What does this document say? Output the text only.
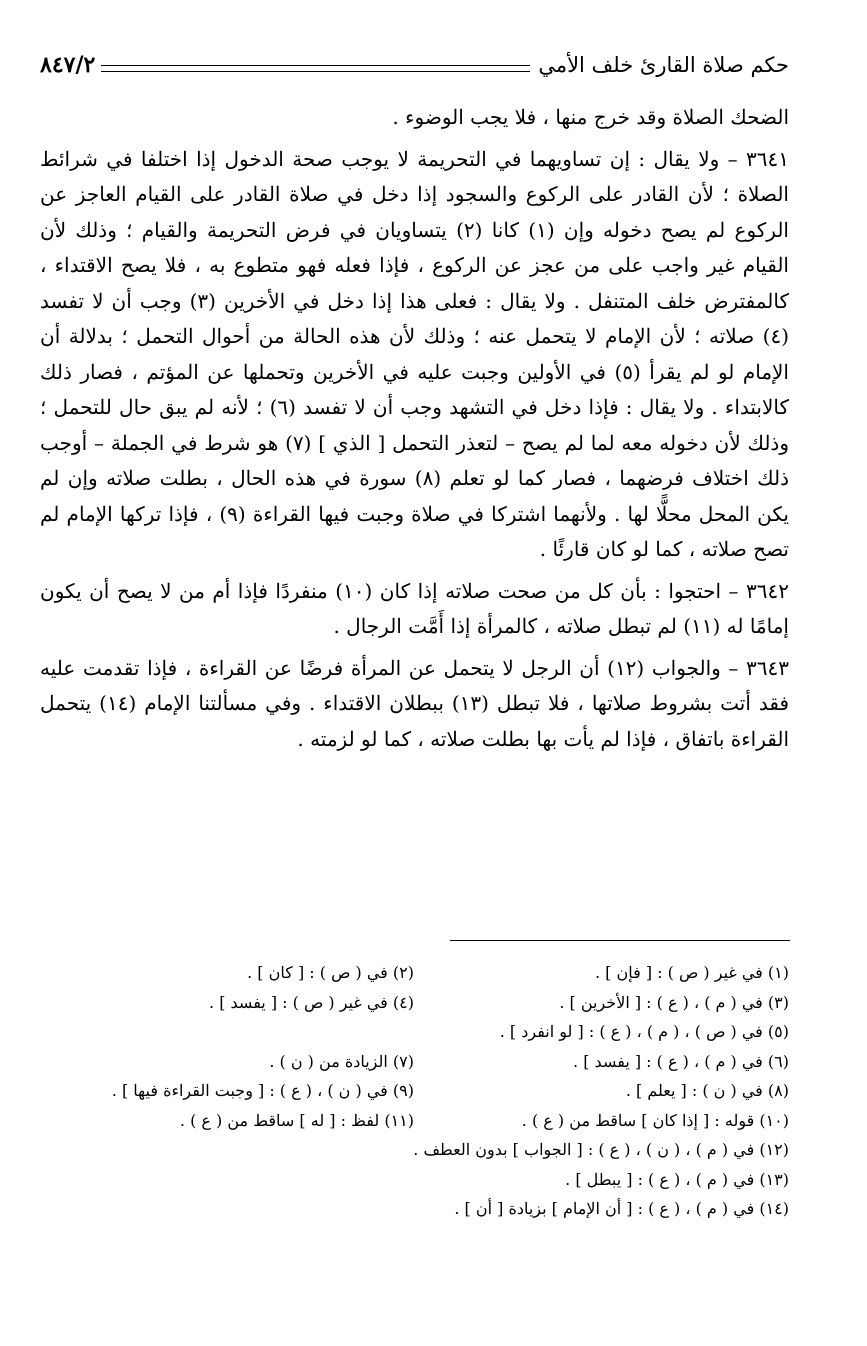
حكم صلاة القارئ خلف الأمي
٨٤٧/٢

الضحك الصلاة وقد خرج منها ، فلا يجب الوضوء .

٣٦٤١ – ولا يقال : إن تساويهما في التحريمة لا يوجب صحة الدخول إذا اختلفا في شرائط الصلاة ؛ لأن القادر على الركوع والسجود إذا دخل في صلاة القادر على القيام العاجز عن الركوع لم يصح دخوله وإن (١) كانا (٢) يتساويان في فرض التحريمة والقيام ؛ وذلك لأن القيام غير واجب على من عجز عن الركوع ، فإذا فعله فهو متطوع به ، فلا يصح الاقتداء ، كالمفترض خلف المتنفل . ولا يقال : فعلى هذا إذا دخل في الأخرين (٣) وجب أن لا تفسد (٤) صلاته ؛ لأن الإمام لا يتحمل عنه ؛ وذلك لأن هذه الحالة من أحوال التحمل ؛ بدلالة أن الإمام لو لم يقرأ (٥) في الأولين وجبت عليه في الأخرين وتحملها عن المؤتم ، فصار ذلك كالابتداء . ولا يقال : فإذا دخل في التشهد وجب أن لا تفسد (٦) ؛ لأنه لم يبق حال للتحمل ؛ وذلك لأن دخوله معه لما لم يصح – لتعذر التحمل [ الذي ] (٧) هو شرط في الجملة – أوجب ذلك اختلاف فرضهما ، فصار كما لو تعلم (٨) سورة في هذه الحال ، بطلت صلاته وإن لم يكن المحل محلًّا لها . ولأنهما اشتركا في صلاة وجبت فيها القراءة (٩) ، فإذا تركها الإمام لم تصح صلاته ، كما لو كان قارئًا .

٣٦٤٢ – احتجوا : بأن كل من صحت صلاته إذا كان (١٠) منفردًا فإذا أم من لا يصح أن يكون إمامًا له (١١) لم تبطل صلاته ، كالمرأة إذا أَمَّت الرجال .

٣٦٤٣ – والجواب (١٢) أن الرجل لا يتحمل عن المرأة فرضًا عن القراءة ، فإذا تقدمت عليه فقد أتت بشروط صلاتها ، فلا تبطل (١٣) ببطلان الاقتداء . وفي مسألتنا الإمام (١٤) يتحمل القراءة باتفاق ، فإذا لم يأت بها بطلت صلاته ، كما لو لزمته .

(١) في غير ( ص ) : [ فإن ] .
(٢) في ( ص ) : [ كان ] .
(٣) في ( م ) ، ( ع ) : [ الأخرين ] .
(٤) في غير ( ص ) : [ يفسد ] .
(٥) في ( ص ) ، ( م ) ، ( ع ) : [ لو انفرد ] .
(٦) في ( م ) ، ( ع ) : [ يفسد ] .
(٧) الزيادة من ( ن ) .
(٨) في ( ن ) : [ يعلم ] .
(٩) في ( ن ) ، ( ع ) : [ وجبت القراءة فيها ] .
(١٠) قوله : [ إذا كان ] ساقط من ( ع ) .
(١١) لفظ : [ له ] ساقط من ( ع ) .
(١٢) في ( م ) ، ( ن ) ، ( ع ) : [ الجواب ] بدون العطف .
(١٣) في ( م ) ، ( ع ) : [ يبطل ] .
(١٤) في ( م ) ، ( ع ) : [ أن الإمام ] بزيادة [ أن ] .
